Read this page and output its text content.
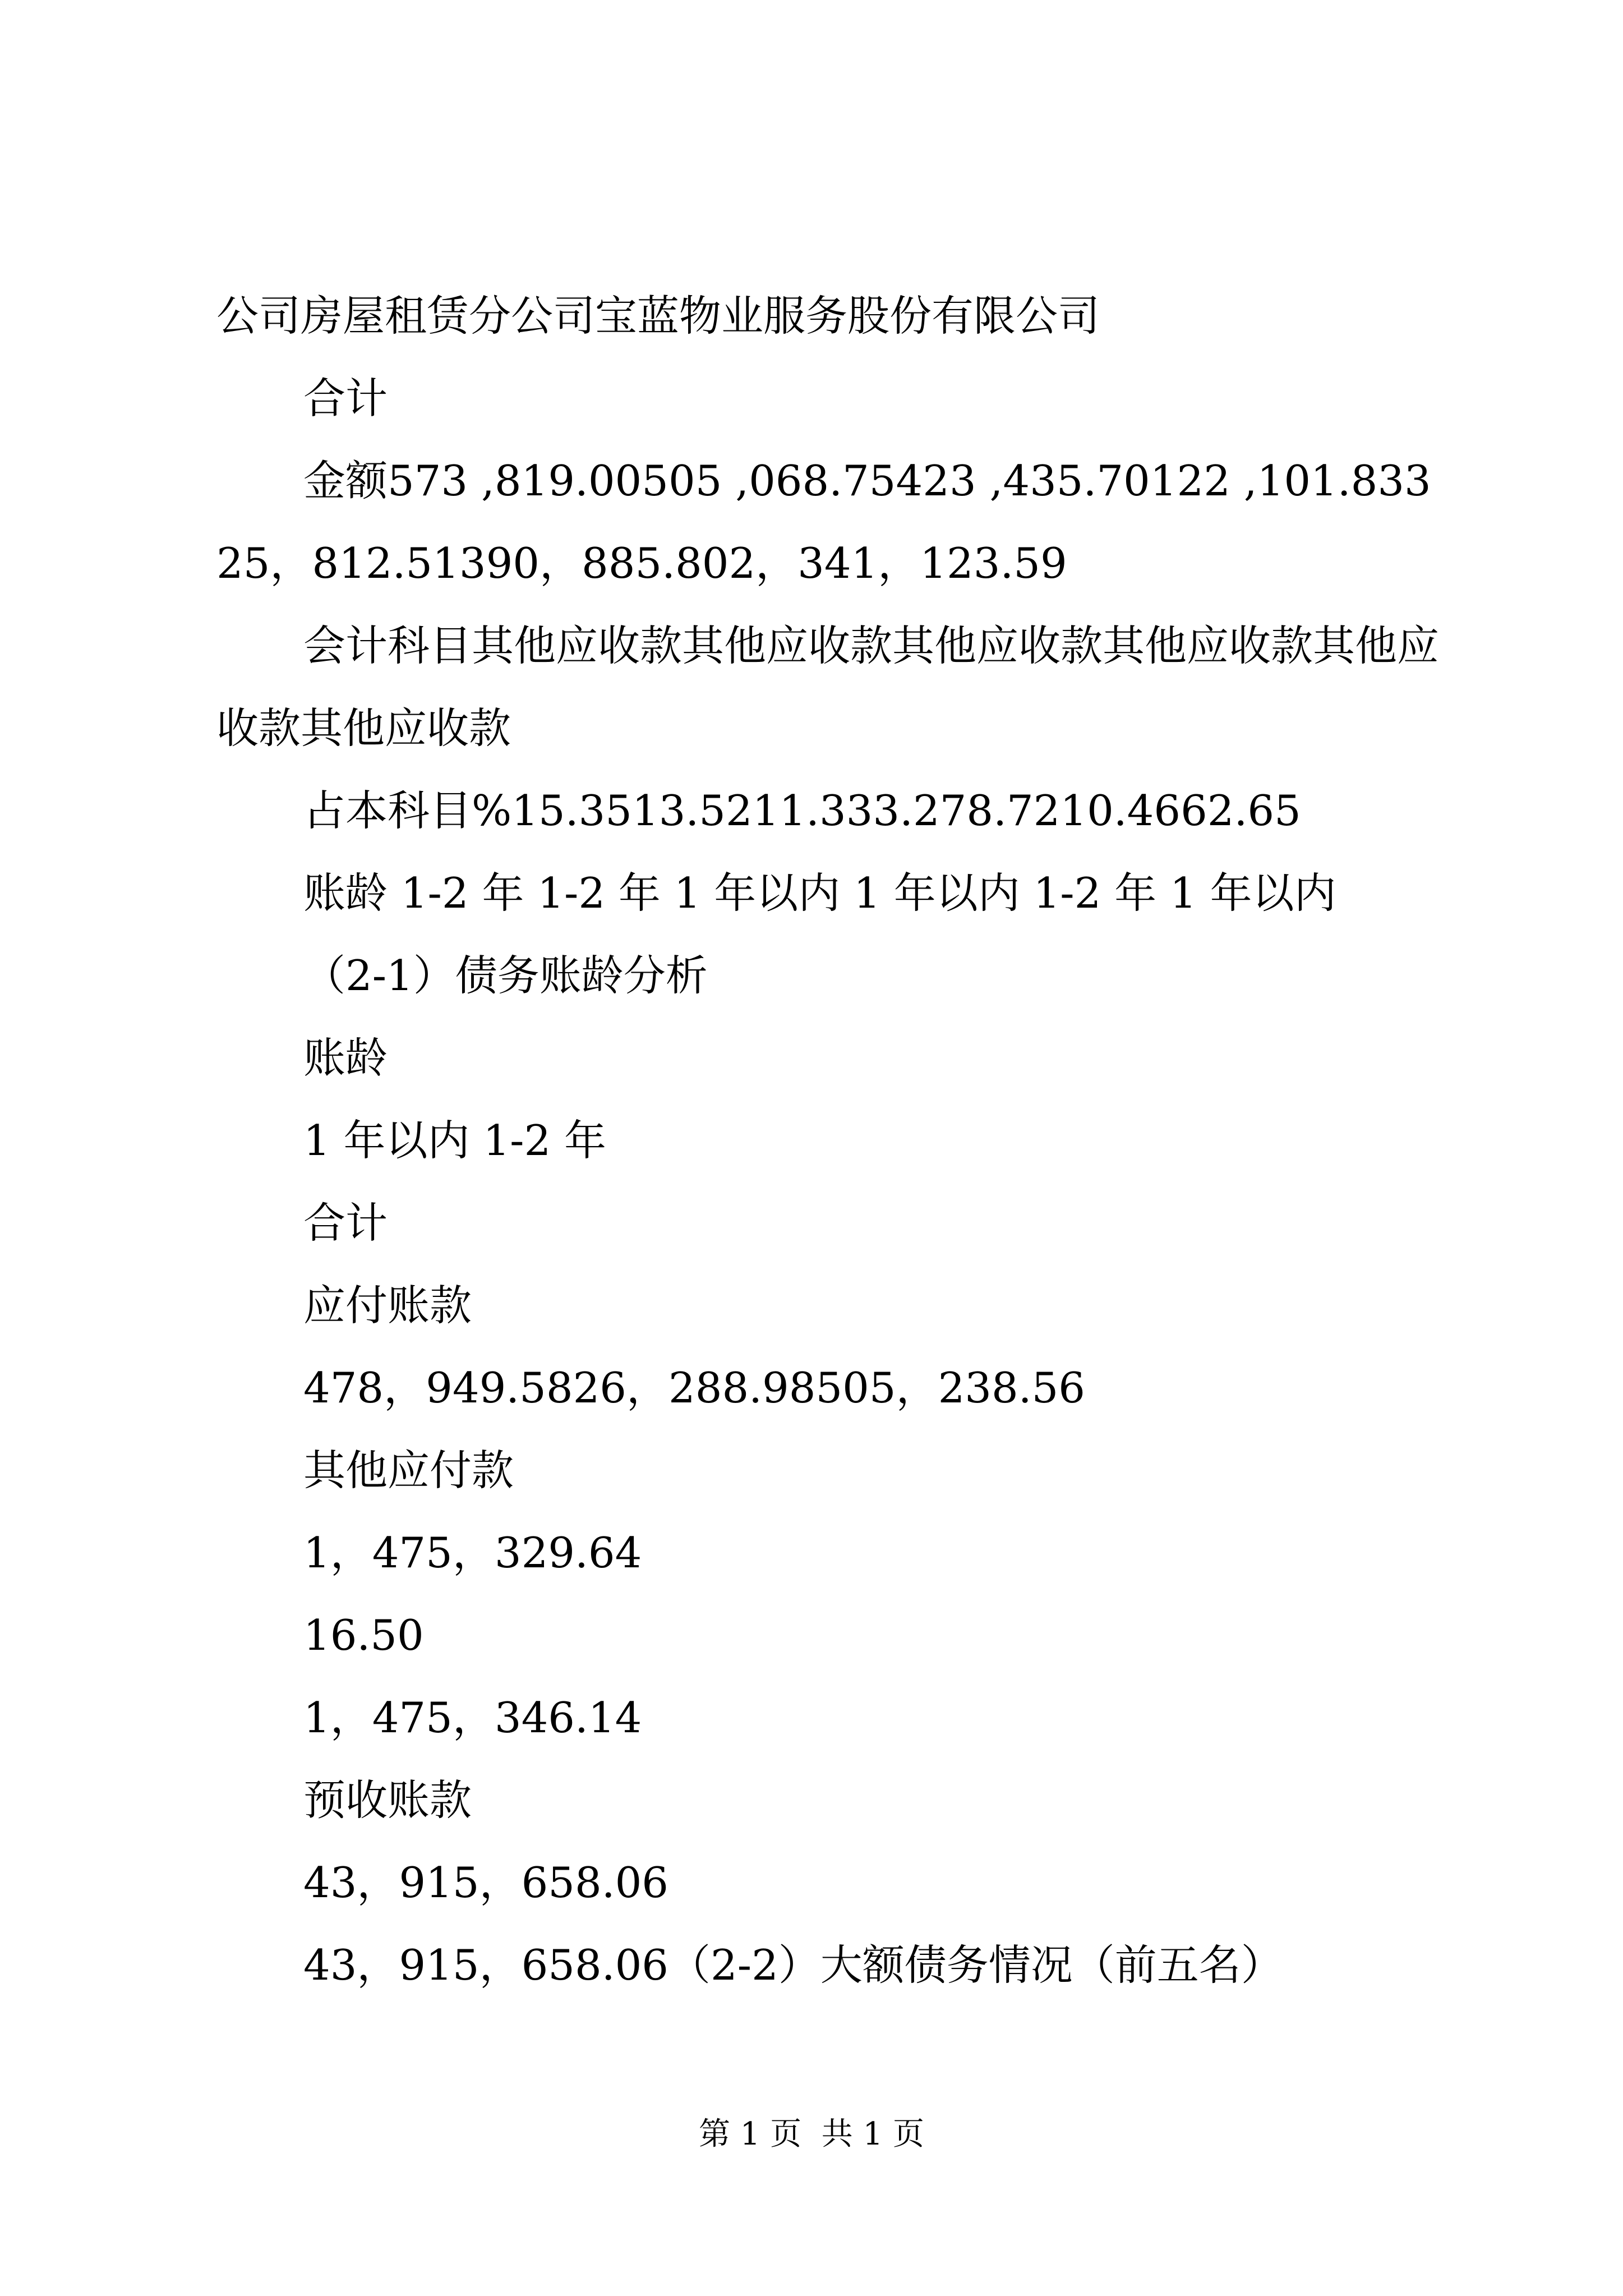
公司房屋租赁分公司宝蓝物业服务股份有限公司

合计

金额573 ,819.00505 ,068.75423 ,435.70122 ,101.83325，812.51390，885.802，341，123.59

会计科目其他应收款其他应收款其他应收款其他应收款其他应收款其他应收款

占本科目%15.3513.5211.333.278.7210.4662.65

账龄 1-2 年 1-2 年 1 年以内 1 年以内 1-2 年 1 年以内

（2-1）债务账龄分析

账龄

1 年以内 1-2 年

合计

应付账款

478，949.5826，288.98505，238.56

其他应付款

1，475，329.64

16.50

1，475，346.14

预收账款

43，915，658.06

43，915，658.06（2-2）大额债务情况（前五名）

第 1 页  共 1 页
